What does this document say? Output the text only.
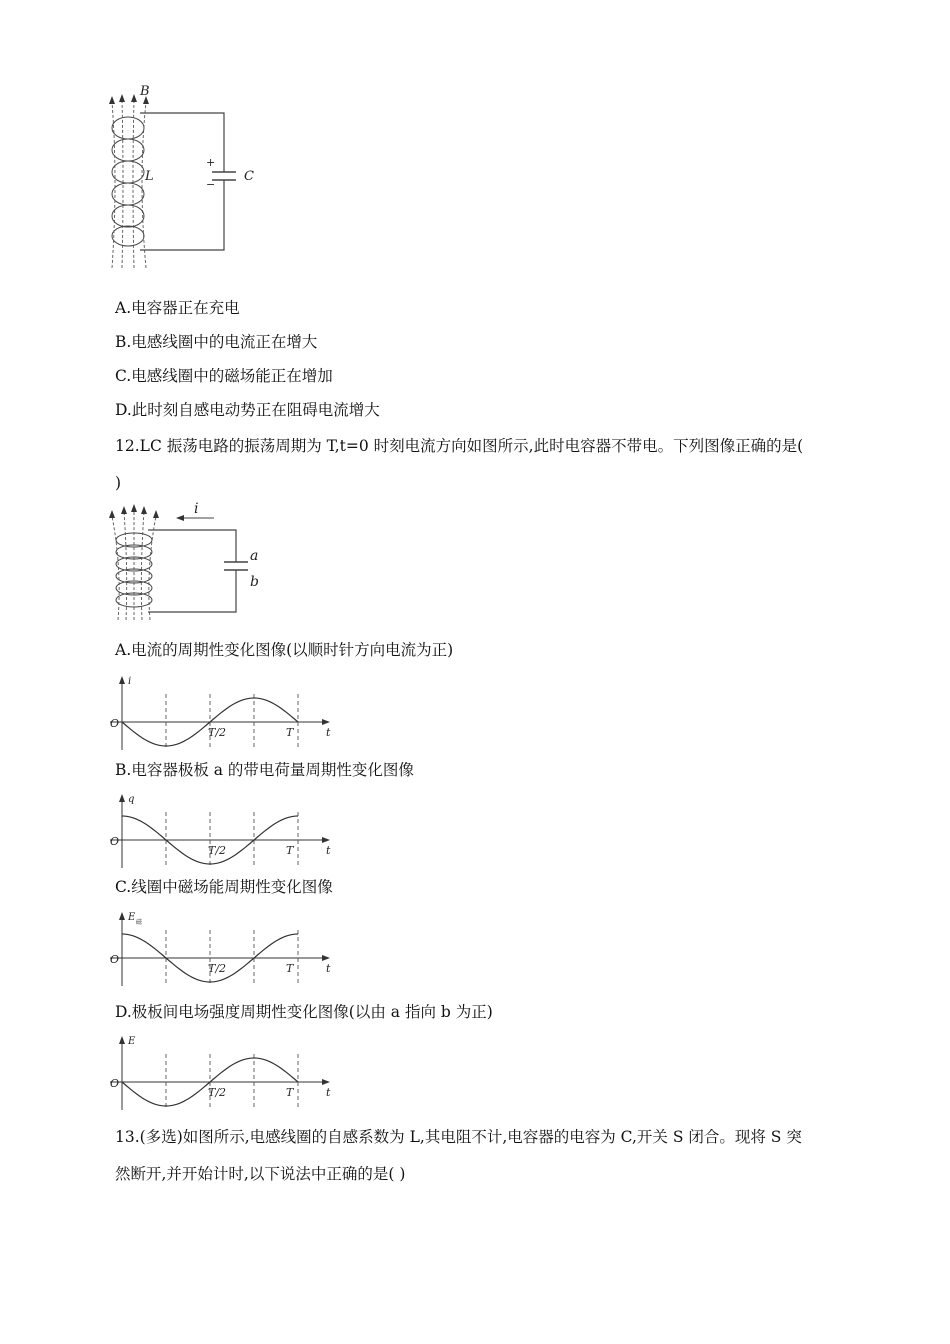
+
−
C
B
L
A.电容器正在充电
B.电感线圈中的电流正在增大
C.电感线圈中的磁场能正在增加
D.此时刻自感电动势正在阻碍电流增大
12.LC 振荡电路的振荡周期为 T,t=0 时刻电流方向如图所示,此时电容器不带电。下列图像正确的是(
)
a
b
i
A.电流的周期性变化图像(以顺时针方向电流为正)
O
T/2	T	t
i
B.电容器极板 a 的带电荷量周期性变化图像
O
T/2	T	t
q
C.线圈中磁场能周期性变化图像
O
T/2	T	t
E 磁
D.极板间电场强度周期性变化图像(以由 a 指向 b 为正)
O
T/2	T	t
E
13.(多选)如图所示,电感线圈的自感系数为 L,其电阻不计,电容器的电容为 C,开关 S 闭合。现将 S 突
然断开,并开始计时,以下说法中正确的是( )
